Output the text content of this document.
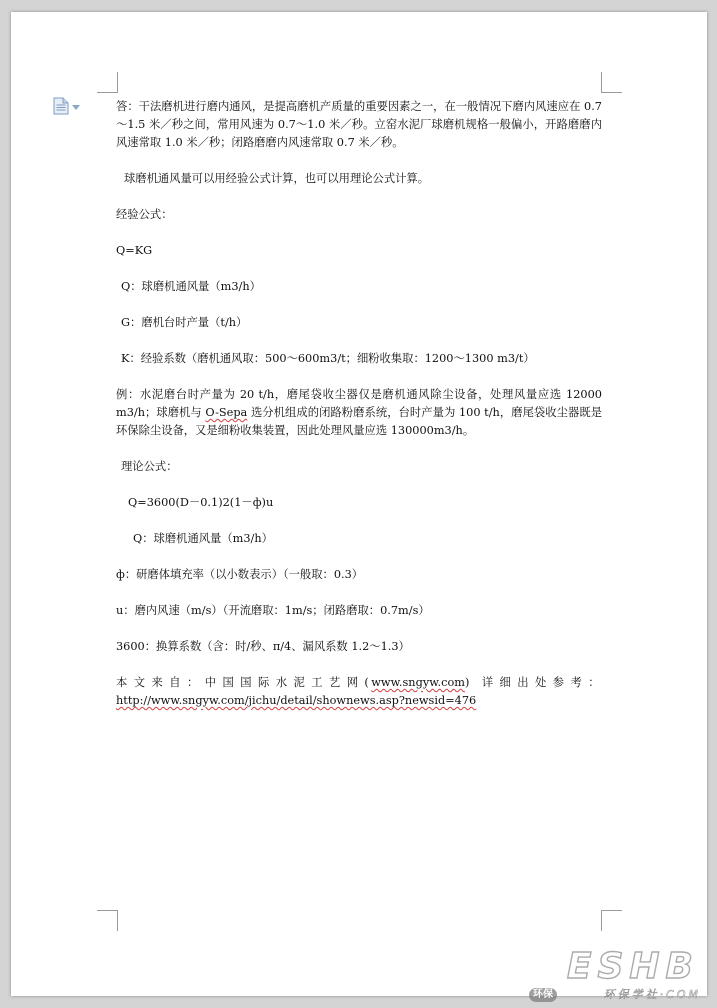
答：干法磨机进行磨内通风，是提高磨机产质量的重要因素之一，在一般情况下磨内风速应在 0.7～1.5 米／秒之间，常用风速为 0.7～1.0 米／秒。立窑水泥厂球磨机规格一般偏小，开路磨磨内风速常取 1.0 米／秒；闭路磨磨内风速常取 0.7 米／秒。

球磨机通风量可以用经验公式计算，也可以用理论公式计算。

经验公式：

Q=KG

Q：球磨机通风量（m3/h）

G：磨机台时产量（t/h）

K：经验系数（磨机通风取：500～600m3/t；细粉收集取：1200～1300 m3/t）

例：水泥磨台时产量为 20 t/h，磨尾袋收尘器仅是磨机通风除尘设备，处理风量应选 12000 m3/h；球磨机与 O-Sepa 选分机组成的闭路粉磨系统，台时产量为 100 t/h，磨尾袋收尘器既是环保除尘设备，又是细粉收集装置，因此处理风量应选 130000m3/h。

理论公式：

Q=3600(D－0.1)2(1－ф)u

Q：球磨机通风量（m3/h）

ф：研磨体填充率（以小数表示）（一般取：0.3）

u：磨内风速（m/s）（开流磨取：1m/s；闭路磨取：0.7m/s）

3600：换算系数（含：时/秒、π/4、漏风系数 1.2～1.3）

本文来自：中国国际水泥工艺网(www.sngyw.com) 详细出处参考：

http://www.sngyw.com/jichu/detail/shownews.asp?newsid=476

ESHB
环保	环保学社·COM
